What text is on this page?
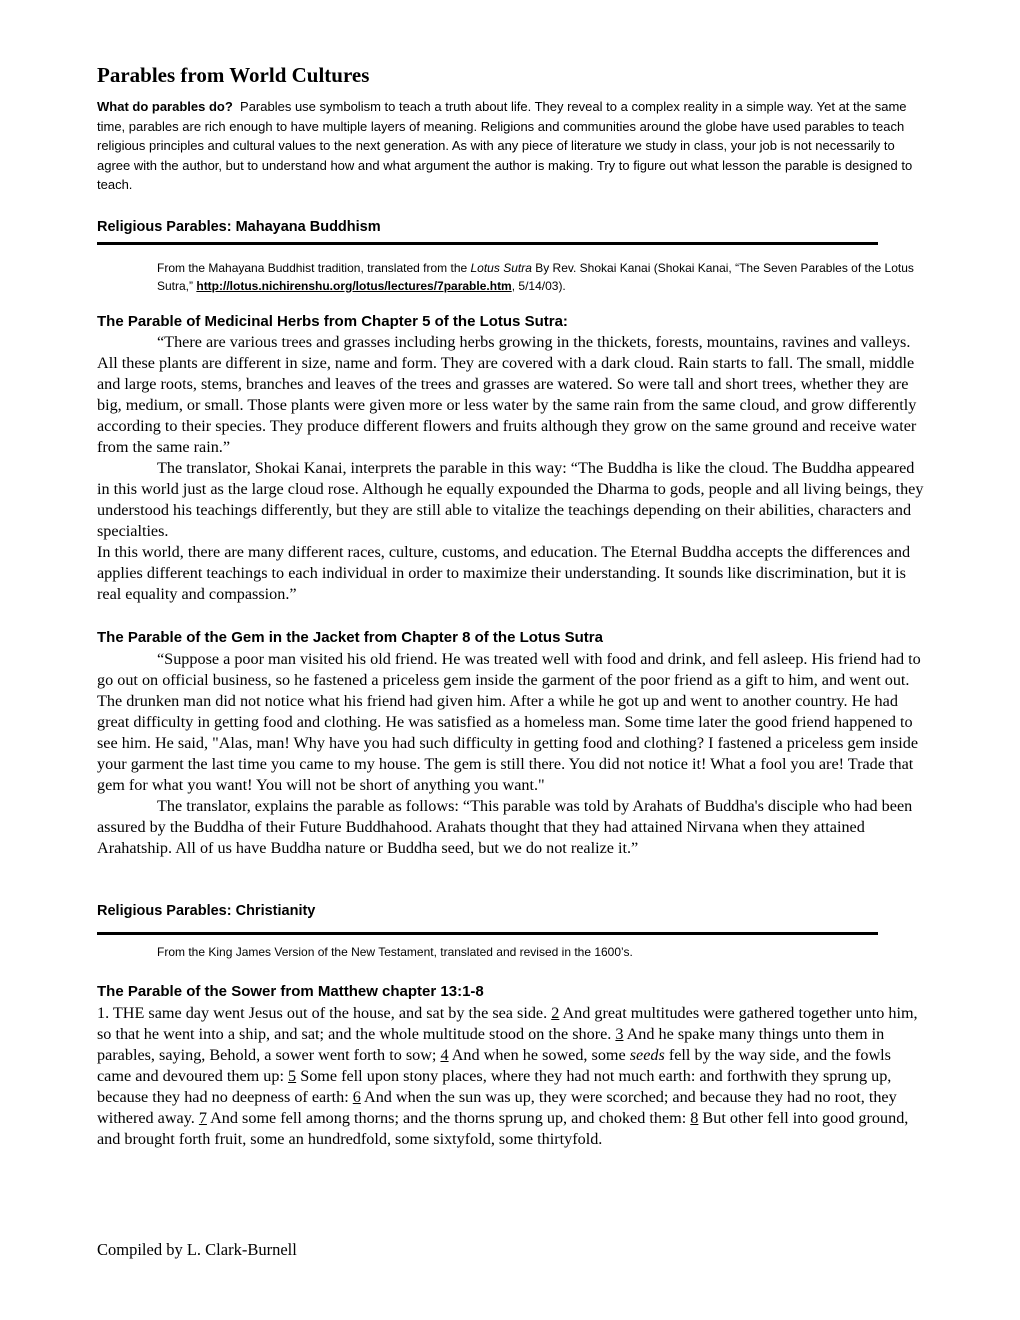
Parables from World Cultures
What do parables do? Parables use symbolism to teach a truth about life. They reveal to a complex reality in a simple way. Yet at the same time, parables are rich enough to have multiple layers of meaning. Religions and communities around the globe have used parables to teach religious principles and cultural values to the next generation. As with any piece of literature we study in class, your job is not necessarily to agree with the author, but to understand how and what argument the author is making. Try to figure out what lesson the parable is designed to teach.
Religious Parables: Mahayana Buddhism
From the Mahayana Buddhist tradition, translated from the Lotus Sutra By Rev. Shokai Kanai (Shokai Kanai, “The Seven Parables of the Lotus Sutra,” http://lotus.nichirenshu.org/lotus/lectures/7parable.htm, 5/14/03).
The Parable of Medicinal Herbs from Chapter 5 of the Lotus Sutra:

“There are various trees and grasses including herbs growing in the thickets, forests, mountains, ravines and valleys. All these plants are different in size, name and form. They are covered with a dark cloud. Rain starts to fall. The small, middle and large roots, stems, branches and leaves of the trees and grasses are watered. So were tall and short trees, whether they are big, medium, or small. Those plants were given more or less water by the same rain from the same cloud, and grow differently according to their species. They produce different flowers and fruits although they grow on the same ground and receive water from the same rain.”

The translator, Shokai Kanai, interprets the parable in this way: “The Buddha is like the cloud. The Buddha appeared in this world just as the large cloud rose. Although he equally expounded the Dharma to gods, people and all living beings, they understood his teachings differently, but they are still able to vitalize the teachings depending on their abilities, characters and specialties.

In this world, there are many different races, culture, customs, and education. The Eternal Buddha accepts the differences and applies different teachings to each individual in order to maximize their understanding. It sounds like discrimination, but it is real equality and compassion.”

The Parable of the Gem in the Jacket from Chapter 8 of the Lotus Sutra

“Suppose a poor man visited his old friend. He was treated well with food and drink, and fell asleep. His friend had to go out on official business, so he fastened a priceless gem inside the garment of the poor friend as a gift to him, and went out. The drunken man did not notice what his friend had given him. After a while he got up and went to another country. He had great difficulty in getting food and clothing. He was satisfied as a homeless man. Some time later the good friend happened to see him. He said, "Alas, man! Why have you had such difficulty in getting food and clothing? I fastened a priceless gem inside your garment the last time you came to my house. The gem is still there. You did not notice it! What a fool you are! Trade that gem for what you want! You will not be short of anything you want."

The translator, explains the parable as follows: “This parable was told by Arahats of Buddha's disciple who had been assured by the Buddha of their Future Buddhahood. Arahats thought that they had attained Nirvana when they attained Arahatship. All of us have Buddha nature or Buddha seed, but we do not realize it.”

Religious Parables: Christianity
From the King James Version of the New Testament, translated and revised in the 1600’s.
The Parable of the Sower from Matthew chapter 13:1-8

1. THE same day went Jesus out of the house, and sat by the sea side. 2 And great multitudes were gathered together unto him, so that he went into a ship, and sat; and the whole multitude stood on the shore. 3 And he spake many things unto them in parables, saying, Behold, a sower went forth to sow; 4 And when he sowed, some seeds fell by the way side, and the fowls came and devoured them up: 5 Some fell upon stony places, where they had not much earth: and forthwith they sprung up, because they had no deepness of earth: 6 And when the sun was up, they were scorched; and because they had no root, they withered away. 7 And some fell among thorns; and the thorns sprung up, and choked them: 8 But other fell into good ground, and brought forth fruit, some an hundredfold, some sixtyfold, some thirtyfold.

Compiled by L. Clark-Burnell
